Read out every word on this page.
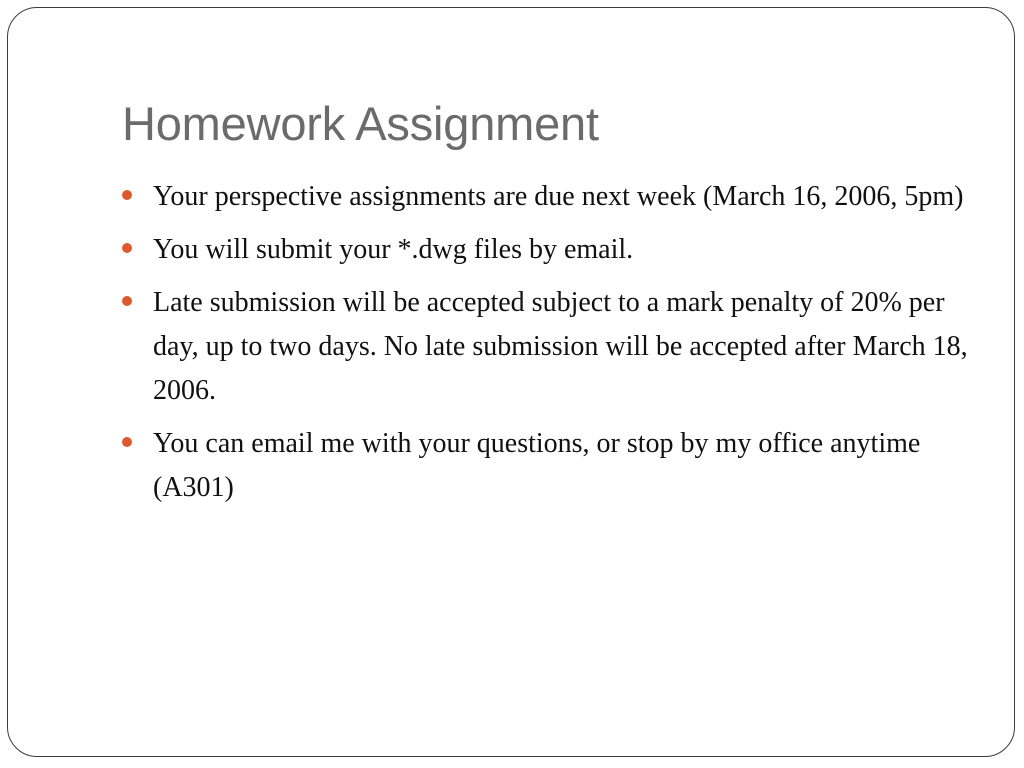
Homework Assignment
Your perspective assignments are due next week (March 16, 2006, 5pm)
You will submit your *.dwg files by email.
Late submission will be accepted subject to a mark penalty of 20% per day, up to two days. No late submission will be accepted after March 18, 2006.
You can email me with your questions, or stop by my office anytime (A301)
